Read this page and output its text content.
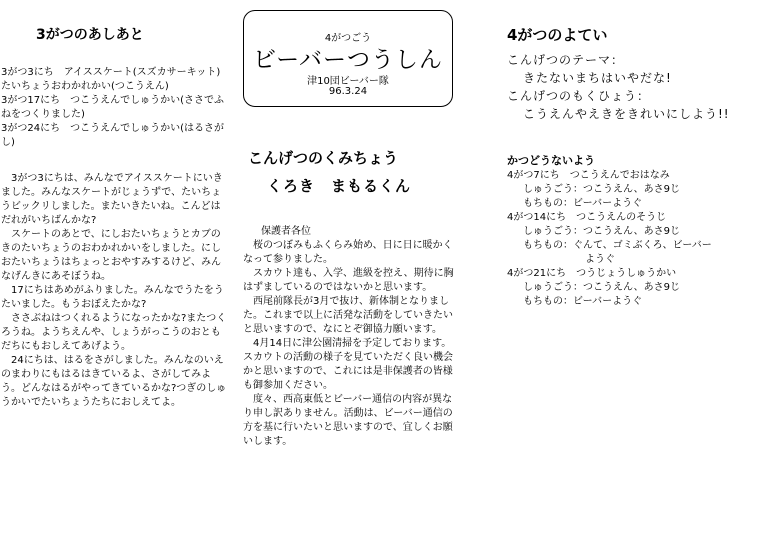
3がつのあしあと
3がつ3にち　アイススケート(スズカサーキット)　たいちょうおわかれかい(つこうえん)
3がつ17にち　つこうえんでしゅうかい(ささでふねをつくりました)
3がつ24にち　つこうえんでしゅうかい(はるさがし)
3がつ3にちは、みんなでアイススケートにいきました。みんなスケートがじょうずで、たいちょうビックリしました。またいきたいね。こんどはだれがいちばんかな?
スケートのあとで、にしおたいちょうとカブのきのたいちょうのおわかれかいをしました。にしおたいちょうはちょっとおやすみするけど、みんなげんきにあそぼうね。
17にちはあめがふりました。みんなでうたをうたいました。もうおぼえたかな?
ささぶねはつくれるようになったかな?またつくろうね。ようちえんや、しょうがっこうのおともだちにもおしえてあげよう。
24にちは、はるをさがしました。みんなのいえのまわりにもはるはきているよ、さがしてみよう。どんなはるがやってきているかな?つぎのしゅうかいでたいちょうたちにおしえてよ。
4がつごう
ビーバーつうしん
津10団ビーバー隊
96.3.24
こんげつのくみちょう
くろき　まもるくん
保護者各位
桜のつぼみもふくらみ始め、日に日に暖かくなって参りました。
スカウト達も、入学、進級を控え、期待に胸はずましているのではないかと思います。
西尾前隊長が3月で抜け、新体制となりました。これまで以上に活発な活動をしていきたいと思いますので、なにとぞ御協力願います。
4月14日に津公園清掃を予定しております。スカウトの活動の様子を見ていただく良い機会かと思いますので、これには是非保護者の皆様も御参加ください。
度々、西高東低とビーバー通信の内容が異なり申し訳ありません。活動は、ビーバー通信の方を基に行いたいと思いますので、宜しくお願いします。
4がつのよてい
こんげつのテーマ：
きたないまちはいやだな!
こんげつのもくひょう：
こうえんやえきをきれいにしよう!!
かつどうないよう
4がつ7にち　つこうえんでおはなみ
しゅうごう：つこうえん、あさ9じ
もちもの：ビーバーようぐ
4がつ14にち　つこうえんのそうじ
しゅうごう：つこうえん、あさ9じ
もちもの：ぐんて、ゴミぶくろ、ビーバー
ようぐ
4がつ21にち　つうじょうしゅうかい
しゅうごう：つこうえん、あさ9じ
もちもの：ビーバーようぐ
